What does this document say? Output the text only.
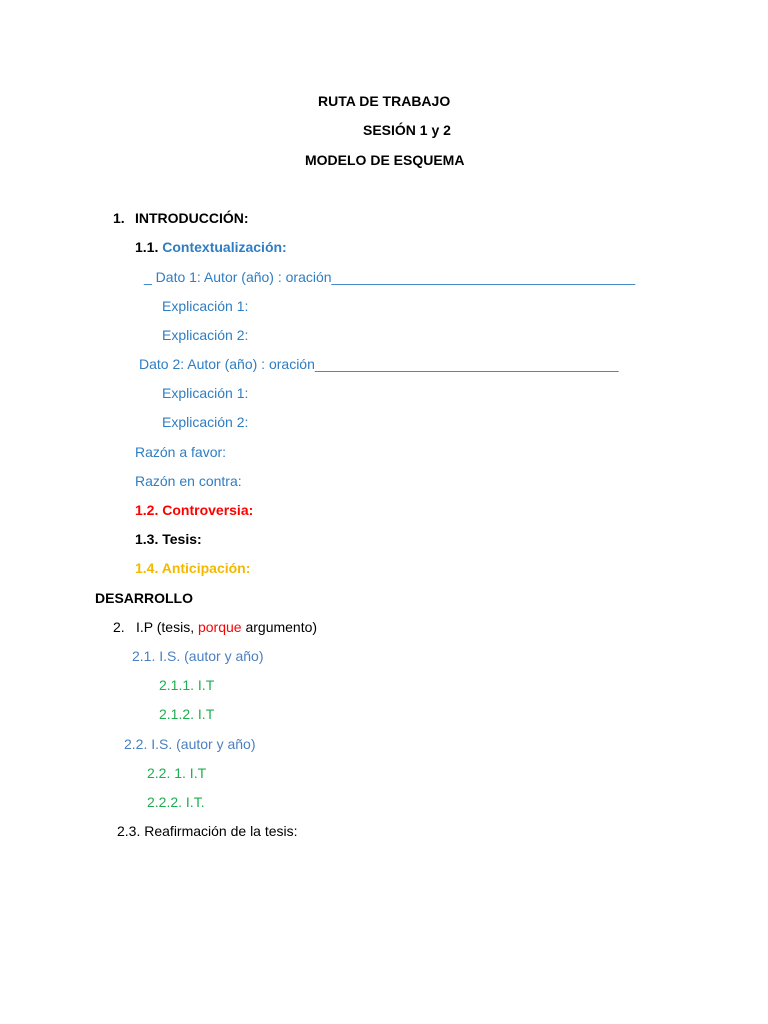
RUTA DE TRABAJO
SESIÓN 1 y 2
MODELO DE ESQUEMA
1. INTRODUCCIÓN:
1.1. Contextualización:
_ Dato 1: Autor (año) : oración_______________________________________
Explicación 1:
Explicación 2:
Dato 2: Autor (año) : oración_______________________________________
Explicación 1:
Explicación 2:
Razón a favor:
Razón en contra:
1.2. Controversia:
1.3. Tesis:
1.4. Anticipación:
DESARROLLO
2. I.P (tesis, porque argumento)
2.1. I.S. (autor y año)
2.1.1. I.T
2.1.2. I.T
2.2. I.S. (autor y año)
2.2. 1. I.T
2.2.2. I.T.
2.3. Reafirmación de la tesis:
